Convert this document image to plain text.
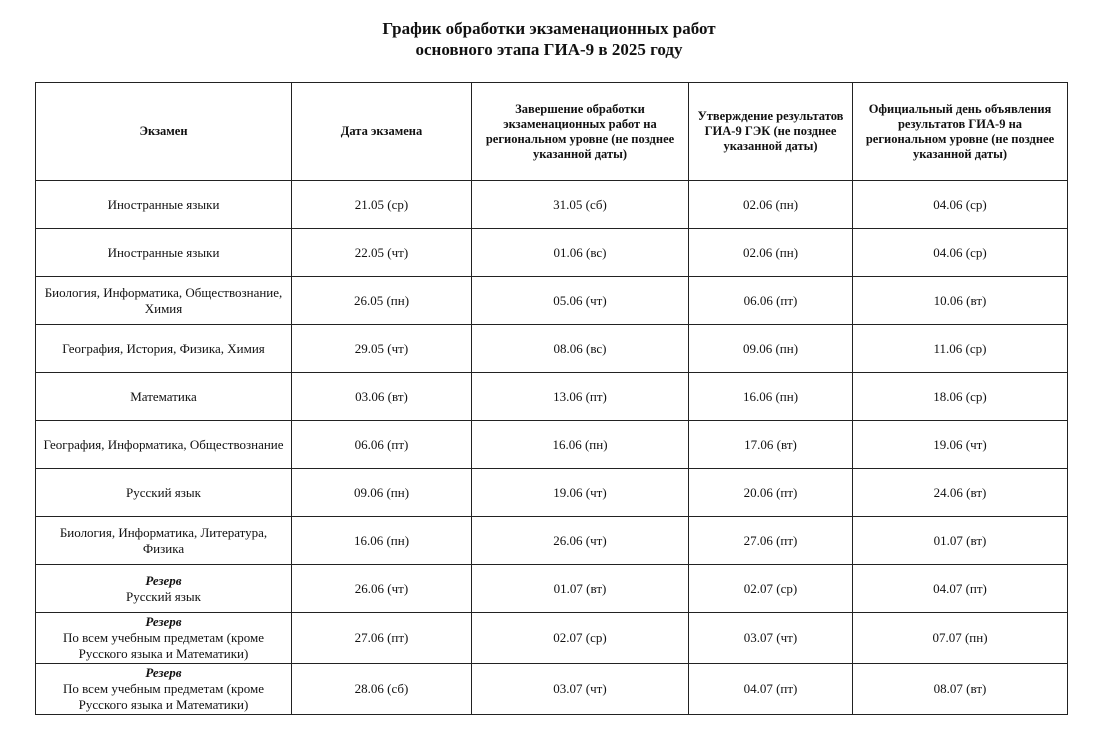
График обработки экзаменационных работ
основного этапа ГИА-9 в 2025 году
Экзамен	Дата экзамена	Завершение обработки экзаменационных работ на региональном уровне (не позднее указанной даты)	Утверждение результатов ГИА-9 ГЭК (не позднее указанной даты)	Официальный день объявления результатов ГИА-9 на региональном уровне (не позднее указанной даты)

Иностранные языки	21.05 (ср)	31.05 (сб)	02.06 (пн)	04.06 (ср)

Иностранные языки	22.05 (чт)	01.06 (вс)	02.06 (пн)	04.06 (ср)

Биология, Информатика, Обществознание, Химия	26.05 (пн)	05.06 (чт)	06.06 (пт)	10.06 (вт)

География, История, Физика, Химия	29.05 (чт)	08.06 (вс)	09.06 (пн)	11.06 (ср)

Математика	03.06 (вт)	13.06 (пт)	16.06 (пн)	18.06 (ср)

География, Информатика, Обществознание	06.06 (пт)	16.06 (пн)	17.06 (вт)	19.06 (чт)

Русский язык	09.06 (пн)	19.06 (чт)	20.06 (пт)	24.06 (вт)

Биология, Информатика, Литература, Физика	16.06 (пн)	26.06 (чт)	27.06 (пт)	01.07 (вт)

Резерв
Русский язык	26.06 (чт)	01.07 (вт)	02.07 (ср)	04.07 (пт)

Резерв
По всем учебным предметам (кроме Русского языка и Математики)	27.06 (пт)	02.07 (ср)	03.07 (чт)	07.07 (пн)

Резерв
По всем учебным предметам (кроме Русского языка и Математики)	28.06 (сб)	03.07 (чт)	04.07 (пт)	08.07 (вт)
